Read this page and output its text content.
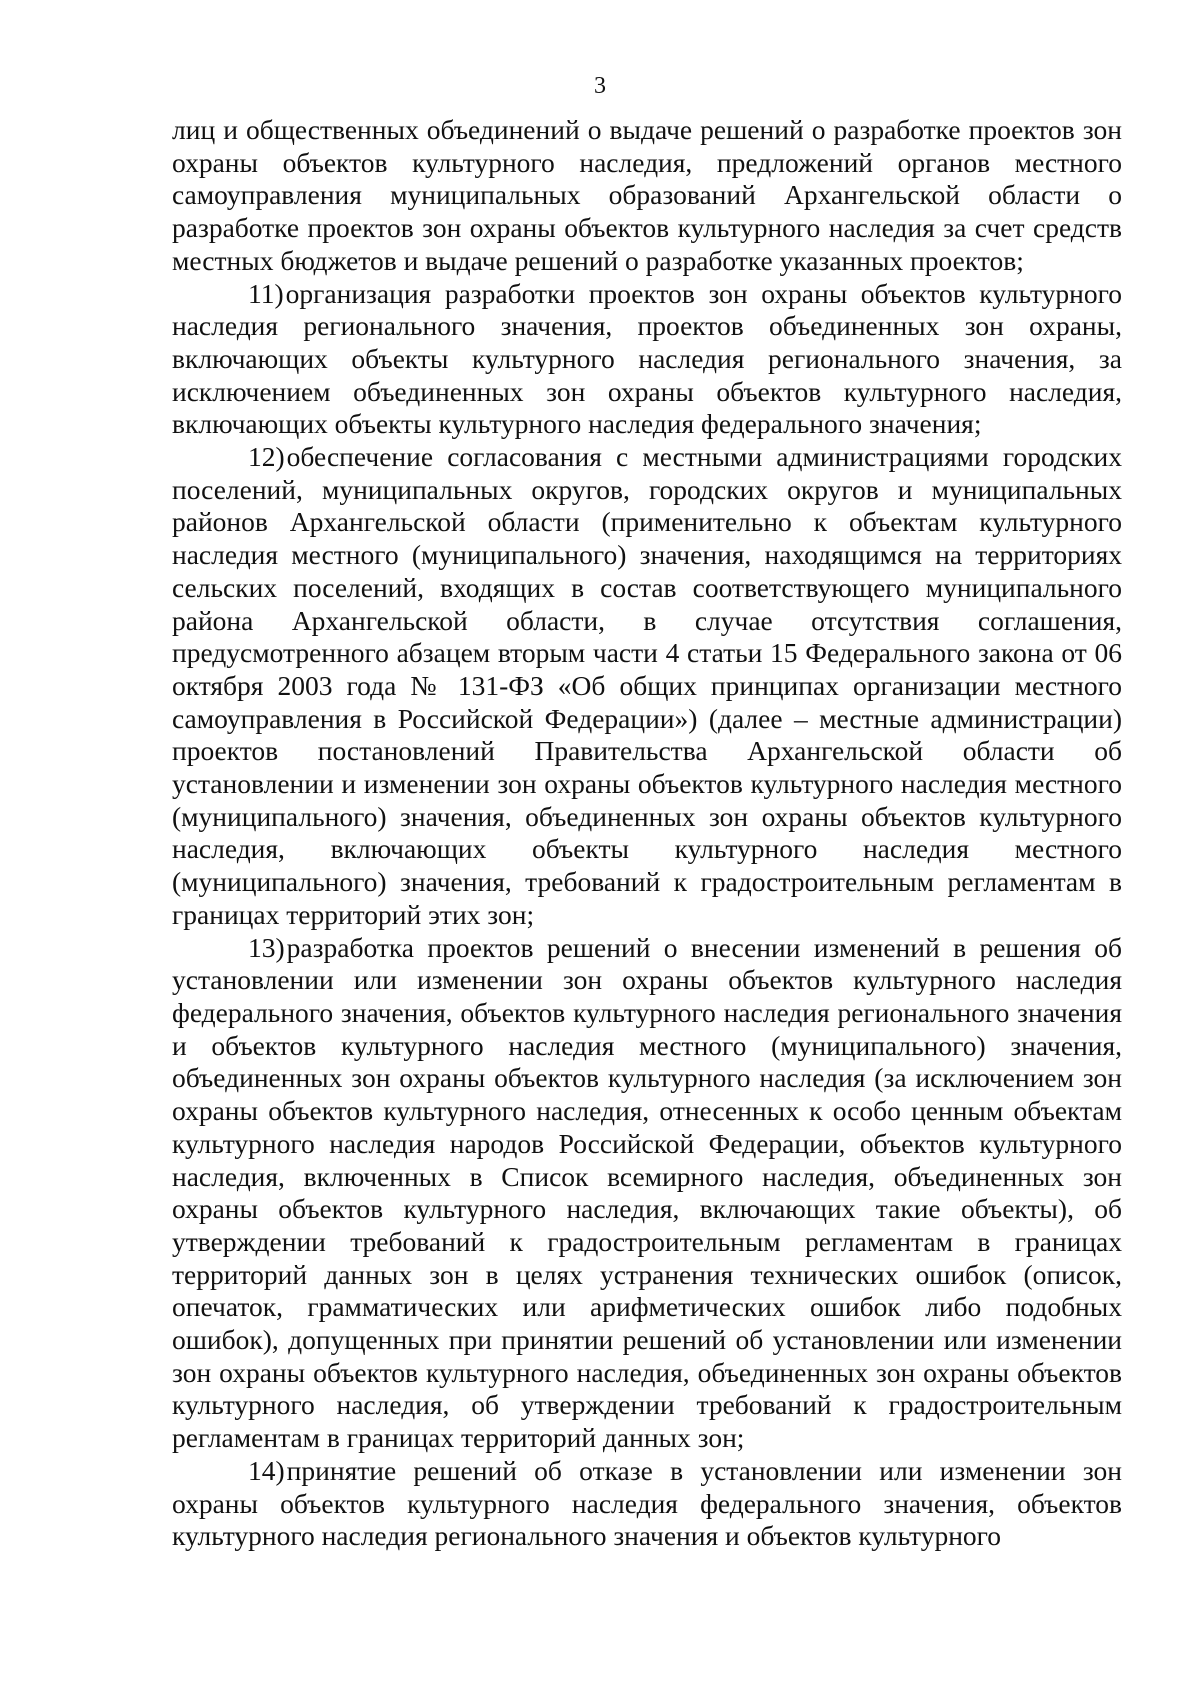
3

лиц и общественных объединений о выдаче решений о разработке проектов зон охраны объектов культурного наследия, предложений органов местного самоуправления муниципальных образований Архангельской области о разработке проектов зон охраны объектов культурного наследия за счет средств местных бюджетов и выдаче решений о разработке указанных проектов;

11)организация разработки проектов зон охраны объектов культурного наследия регионального значения, проектов объединенных зон охраны, включающих объекты культурного наследия регионального значения, за исключением объединенных зон охраны объектов культурного наследия, включающих объекты культурного наследия федерального значения;

12)обеспечение согласования с местными администрациями городских поселений, муниципальных округов, городских округов и муниципальных районов Архангельской области (применительно к объектам культурного наследия местного (муниципального) значения, находящимся на территориях сельских поселений, входящих в состав соответствующего муниципального района Архангельской области, в случае отсутствия соглашения, предусмотренного абзацем вторым части 4 статьи 15 Федерального закона от 06 октября 2003 года № 131-ФЗ «Об общих принципах организации местного самоуправления в Российской Федерации») (далее – местные администрации) проектов постановлений Правительства Архангельской области об установлении и изменении зон охраны объектов культурного наследия местного (муниципального) значения, объединенных зон охраны объектов культурного наследия, включающих объекты культурного наследия местного (муниципального) значения, требований к градостроительным регламентам в границах территорий этих зон;

13)разработка проектов решений о внесении изменений в решения об установлении или изменении зон охраны объектов культурного наследия федерального значения, объектов культурного наследия регионального значения и объектов культурного наследия местного (муниципального) значения, объединенных зон охраны объектов культурного наследия (за исключением зон охраны объектов культурного наследия, отнесенных к особо ценным объектам культурного наследия народов Российской Федерации, объектов культурного наследия, включенных в Список всемирного наследия, объединенных зон охраны объектов культурного наследия, включающих такие объекты), об утверждении требований к градостроительным регламентам в границах территорий данных зон в целях устранения технических ошибок (описок, опечаток, грамматических или арифметических ошибок либо подобных ошибок), допущенных при принятии решений об установлении или изменении зон охраны объектов культурного наследия, объединенных зон охраны объектов культурного наследия, об утверждении требований к градостроительным регламентам в границах территорий данных зон;

14)принятие решений об отказе в установлении или изменении зон охраны объектов культурного наследия федерального значения, объектов культурного наследия регионального значения и объектов культурного
